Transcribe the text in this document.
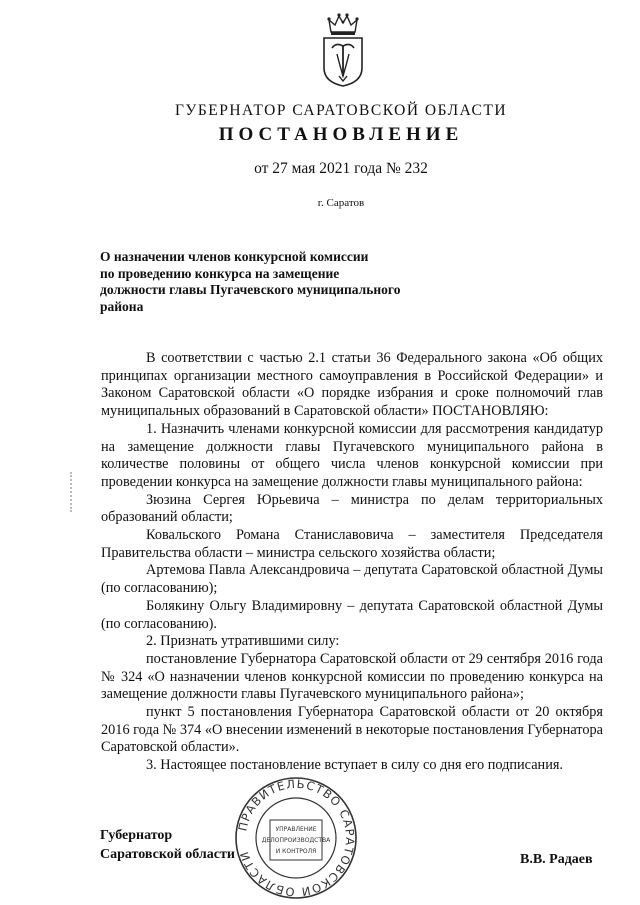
ГУБЕРНАТОР САРАТОВСКОЙ ОБЛАСТИ
ПОСТАНОВЛЕНИЕ
от 27 мая 2021 года № 232
г. Саратов
О назначении членов конкурсной комиссии
по проведению конкурса на замещение
должности главы Пугачевского муниципального
района

В соответствии с частью 2.1 статьи 36 Федерального закона «Об общих принципах организации местного самоуправления в Российской Федерации» и Законом Саратовской области «О порядке избрания и сроке полномочий глав муниципальных образований в Саратовской области» ПОСТАНОВЛЯЮ:

1. Назначить членами конкурсной комиссии для рассмотрения кандидатур на замещение должности главы Пугачевского муниципального района в количестве половины от общего числа членов конкурсной комиссии при проведении конкурса на замещение должности главы муниципального района:

Зюзина Сергея Юрьевича – министра по делам территориальных образований области;

Ковальского Романа Станиславовича – заместителя Председателя Правительства области – министра сельского хозяйства области;

Артемова Павла Александровича – депутата Саратовской областной Думы (по согласованию);

Болякину Ольгу Владимировну – депутата Саратовской областной Думы (по согласованию).

2. Признать утратившими силу:

постановление Губернатора Саратовской области от 29 сентября 2016 года № 324 «О назначении членов конкурсной комиссии по проведению конкурса на замещение должности главы Пугачевского муниципального района»;

пункт 5 постановления Губернатора Саратовской области от 20 октября 2016 года № 374 «О внесении изменений в некоторые постановления Губернатора Саратовской области».

3. Настоящее постановление вступает в силу со дня его подписания.

ПРАВИТЕЛЬСТВО САРАТОВСКОЙ ОБЛАСТИ
УПРАВЛЕНИЕ
ДЕЛОПРОИЗВОДСТВА
И КОНТРОЛЯ
Губернатор
Саратовской области	В.В. Радаев
